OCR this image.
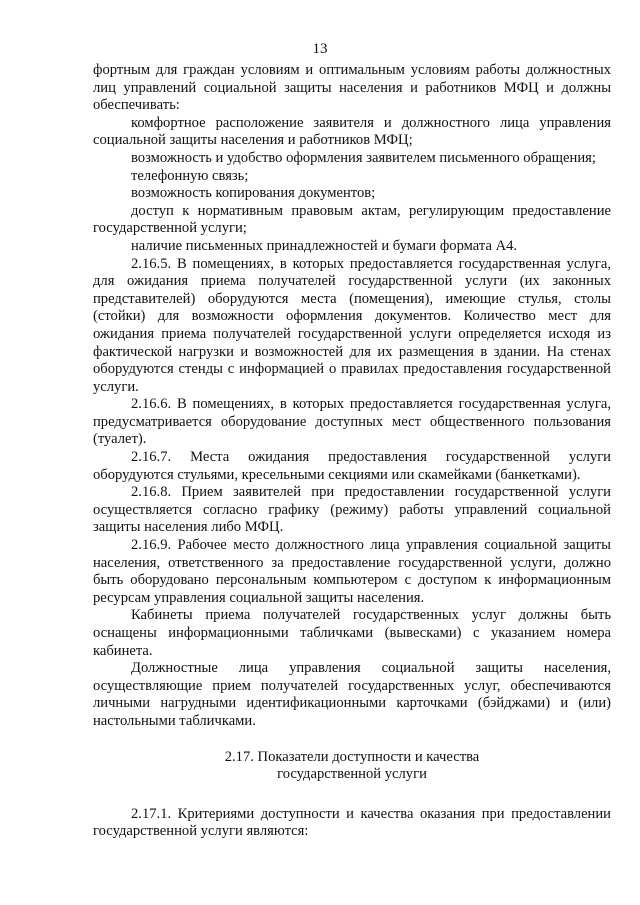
13

фортным для граждан условиям и оптимальным условиям работы должностных лиц управлений социальной защиты населения и работников МФЦ и должны обеспечивать:

комфортное расположение заявителя и должностного лица управления социальной защиты населения и работников МФЦ;

возможность и удобство оформления заявителем письменного обращения;

телефонную связь;

возможность копирования документов;

доступ к нормативным правовым актам, регулирующим предоставление государственной услуги;

наличие письменных принадлежностей и бумаги формата А4.

2.16.5. В помещениях, в которых предоставляется государственная услуга, для ожидания приема получателей государственной услуги (их законных представителей) оборудуются места (помещения), имеющие стулья, столы (стойки) для возможности оформления документов. Количество мест для ожидания приема получателей государственной услуги определяется исходя из фактической нагрузки и возможностей для их размещения в здании. На стенах оборудуются стенды с информацией о правилах предоставления государственной услуги.

2.16.6. В помещениях, в которых предоставляется государственная услуга, предусматривается оборудование доступных мест общественного пользования (туалет).

2.16.7. Места ожидания предоставления государственной услуги оборудуются стульями, кресельными секциями или скамейками (банкетками).

2.16.8. Прием заявителей при предоставлении государственной услуги осуществляется согласно графику (режиму) работы управлений социальной защиты населения либо МФЦ.

2.16.9. Рабочее место должностного лица управления социальной защиты населения, ответственного за предоставление государственной услуги, должно быть оборудовано персональным компьютером с доступом к информационным ресурсам управления социальной защиты населения.

Кабинеты приема получателей государственных услуг должны быть оснащены информационными табличками (вывесками) с указанием номера кабинета.

Должностные лица управления социальной защиты населения, осуществляющие прием получателей государственных услуг, обеспечиваются личными нагрудными идентификационными карточками (бэйджами) и (или) настольными табличками.

2.17. Показатели доступности и качества

государственной услуги

2.17.1. Критериями доступности и качества оказания при предоставлении государственной услуги являются:
